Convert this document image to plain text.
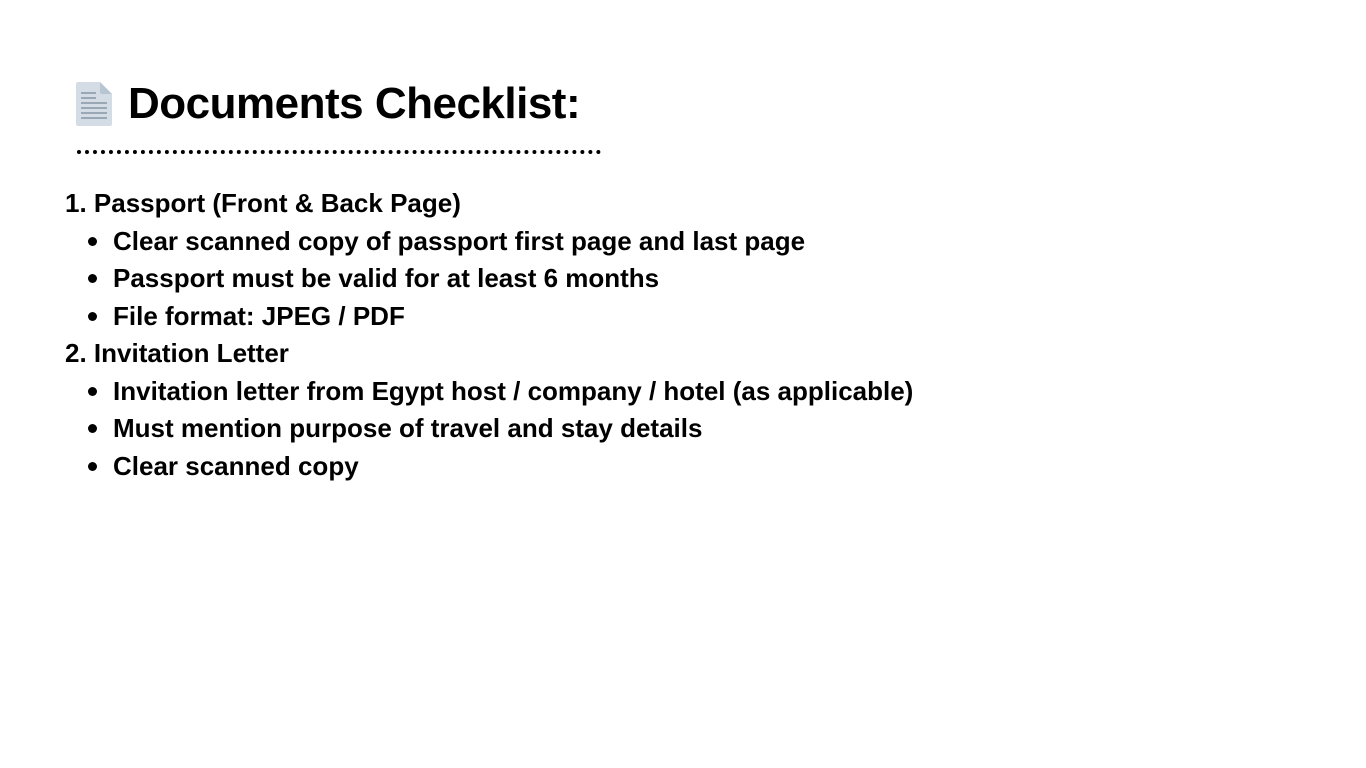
Documents Checklist:

1. Passport (Front & Back Page)

Clear scanned copy of passport first page and last page
Passport must be valid for at least 6 months
File format: JPEG / PDF

2. Invitation Letter

Invitation letter from Egypt host / company / hotel (as applicable)
Must mention purpose of travel and stay details
Clear scanned copy
